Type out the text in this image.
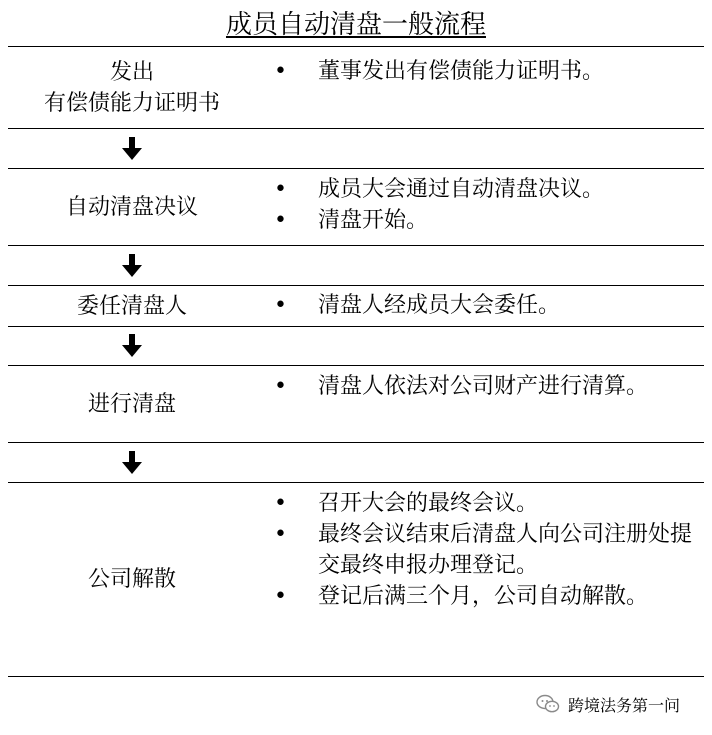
成员自动清盘一般流程
发出
有偿债能力证明书
•	董事发出有偿债能力证明书。
自动清盘决议
•	成员大会通过自动清盘决议。
•	清盘开始。
委任清盘人	•	清盘人经成员大会委任。
进行清盘
•	清盘人依法对公司财产进行清算。
公司解散
•	召开大会的最终会议。
•	最终会议结束后清盘人向公司注册处提交最终申报办理登记。
•	登记后满三个月，公司自动解散。
跨境法务第一问
